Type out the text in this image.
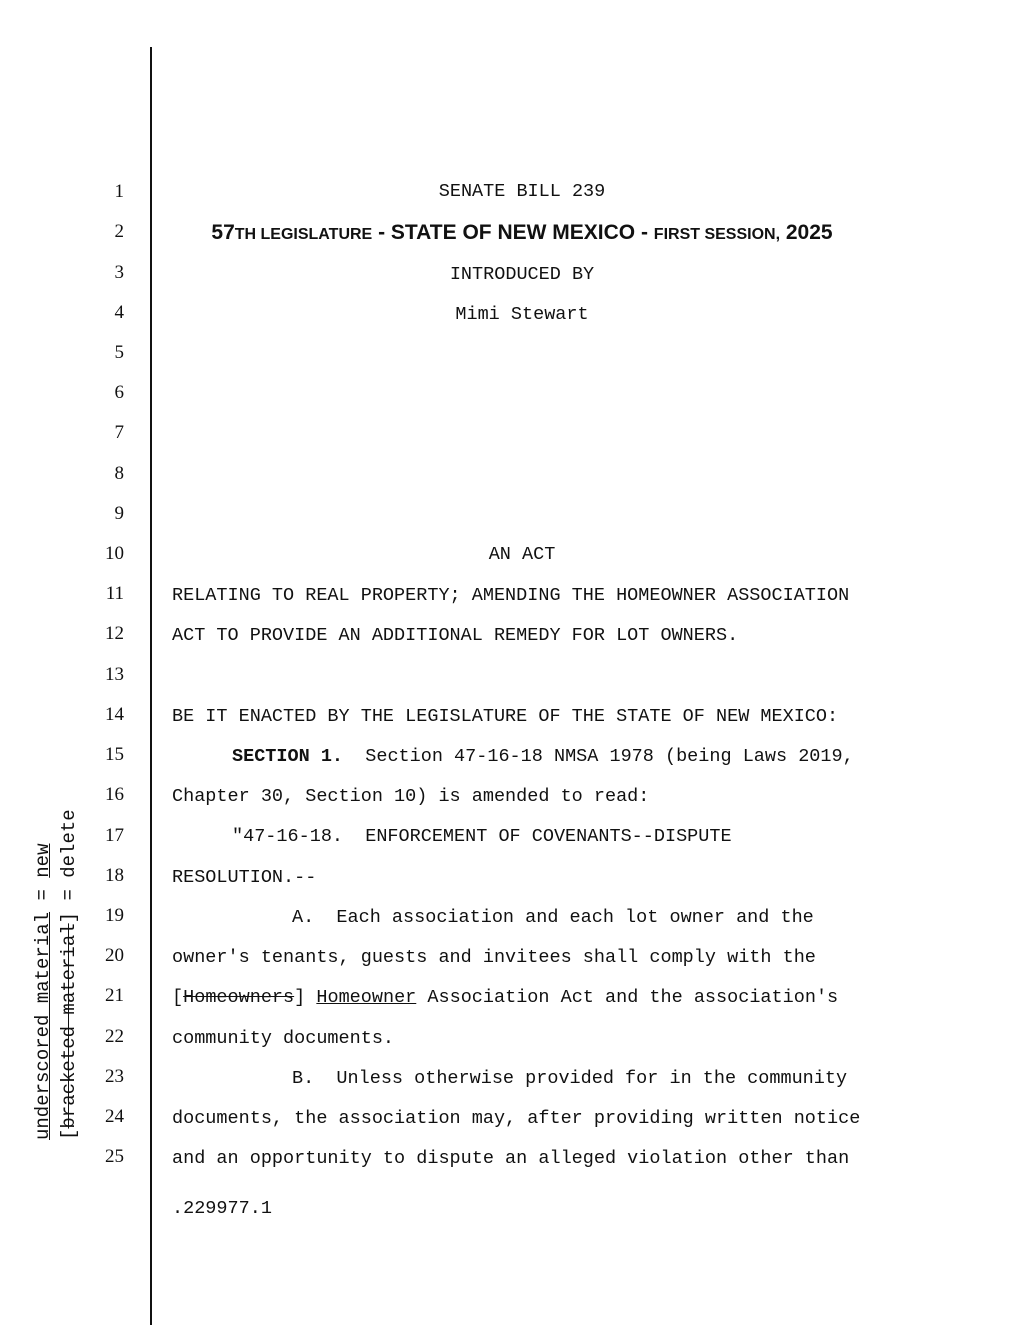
underscored material = new
[bracketed material] = delete
1
2
3
4
5
6
7
8
9
10
11
12
13
14
15
16
17
18
19
20
21
22
23
24
25
SENATE BILL 239
57TH LEGISLATURE - STATE OF NEW MEXICO - FIRST SESSION, 2025
INTRODUCED BY
Mimi Stewart
AN ACT
RELATING TO REAL PROPERTY; AMENDING THE HOMEOWNER ASSOCIATION
ACT TO PROVIDE AN ADDITIONAL REMEDY FOR LOT OWNERS.
BE IT ENACTED BY THE LEGISLATURE OF THE STATE OF NEW MEXICO:
SECTION 1.  Section 47-16-18 NMSA 1978 (being Laws 2019,
Chapter 30, Section 10) is amended to read:
"47-16-18.  ENFORCEMENT OF COVENANTS--DISPUTE
RESOLUTION.--
A.  Each association and each lot owner and the
owner's tenants, guests and invitees shall comply with the
[Homeowners] Homeowner Association Act and the association's
community documents.
B.  Unless otherwise provided for in the community
documents, the association may, after providing written notice
and an opportunity to dispute an alleged violation other than
.229977.1
